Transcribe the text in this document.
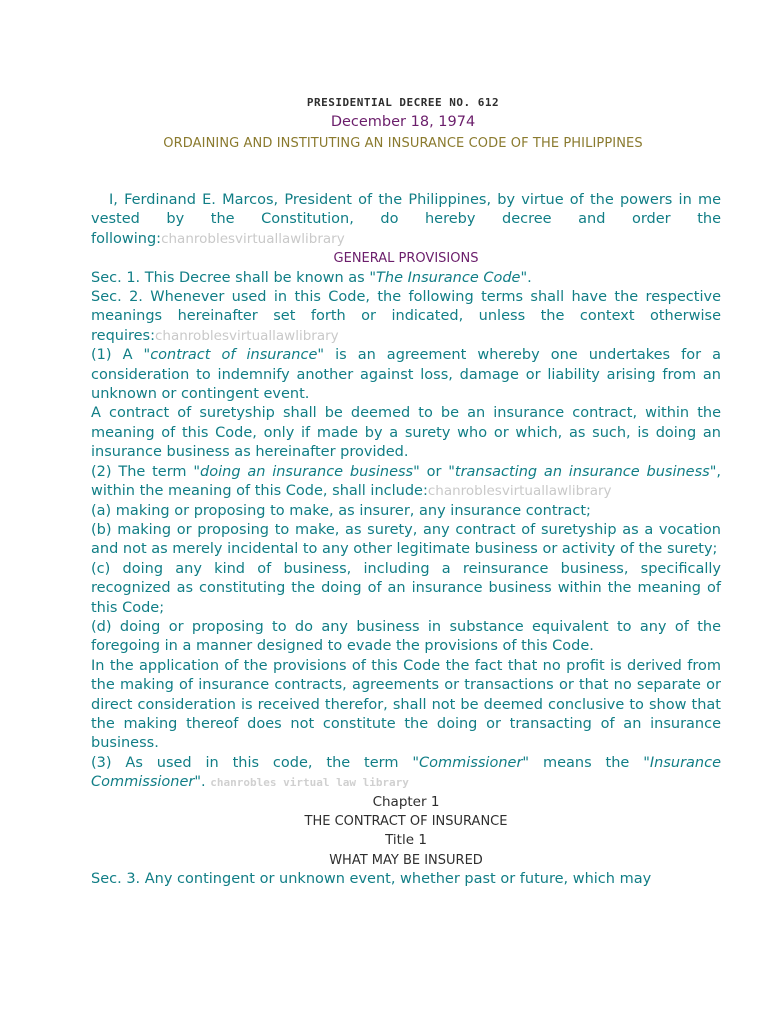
PRESIDENTIAL DECREE NO. 612
December 18, 1974
ORDAINING AND INSTITUTING AN INSURANCE CODE OF THE PHILIPPINES

I, Ferdinand E. Marcos, President of the Philippines, by virtue of the powers in me vested by the Constitution, do hereby decree and order the following:chanroblesvirtuallawlibrary

GENERAL PROVISIONS

Sec. 1. This Decree shall be known as "The Insurance Code".

Sec. 2. Whenever used in this Code, the following terms shall have the respective meanings hereinafter set forth or indicated, unless the context otherwise requires:chanroblesvirtuallawlibrary

(1) A "contract of insurance" is an agreement whereby one undertakes for a consideration to indemnify another against loss, damage or liability arising from an unknown or contingent event.

A contract of suretyship shall be deemed to be an insurance contract, within the meaning of this Code, only if made by a surety who or which, as such, is doing an insurance business as hereinafter provided.

(2) The term "doing an insurance business" or "transacting an insurance business", within the meaning of this Code, shall include:chanroblesvirtuallawlibrary

(a) making or proposing to make, as insurer, any insurance contract;

(b) making or proposing to make, as surety, any contract of suretyship as a vocation and not as merely incidental to any other legitimate business or activity of the surety;

(c) doing any kind of business, including a reinsurance business, specifically recognized as constituting the doing of an insurance business within the meaning of this Code;

(d) doing or proposing to do any business in substance equivalent to any of the foregoing in a manner designed to evade the provisions of this Code.

In the application of the provisions of this Code the fact that no profit is derived from the making of insurance contracts, agreements or transactions or that no separate or direct consideration is received therefor, shall not be deemed conclusive to show that the making thereof does not constitute the doing or transacting of an insurance business.

(3) As used in this code, the term "Commissioner" means the "Insurance Commissioner". chanrobles virtual law library

Chapter 1

THE CONTRACT OF INSURANCE

Title 1

WHAT MAY BE INSURED

Sec. 3. Any contingent or unknown event, whether past or future, which may
